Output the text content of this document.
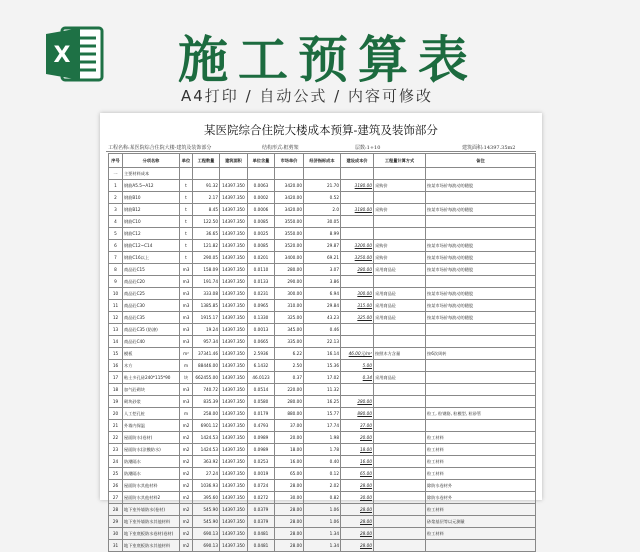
X 施工预算表
A4打印 / 自动公式 / 内容可修改
某医院综合住院大楼成本预算-建筑及装饰部分
工程名称:某医院综合住院大楼-建筑及装饰部分	结构形式:框剪架	层数:1+10	建筑面积:14397.35m2
序号	分项名称	单位	工程数量	建筑面积	单位含量	市场单价	经济指标成本	建设成本价	工程量计算方式	备注
一	主要材料成本									
1	钢筋A5.5~A12	t	91.32	14397.350	0.0063	3420.00	21.70	3180.00	采购价	按某市场价每波动的随股
2	钢筋B10	t	2.17	14397.350	0.0002	3420.00	0.52			
3	钢筋B12	t	8.45	14397.350	0.0006	3420.00	2.0	3180.00	采购价	按某市场价每波动的随股
4	钢筋C10	t	122.50	14397.350	0.0085	3550.00	30.05			
5	钢筋C12	t	36.65	14397.350	0.0025	3550.00	8.99			
6	钢筋C12~C14	t	121.82	14397.350	0.0085	3520.00	29.87	3200.00	采购价	按某市场价每波动的随股
7	钢筋C16以上	t	290.05	14397.350	0.0201	3400.00	69.21	3250.00	采购价	按某市场价每波动的随股
8	商品砼C15	m3	158.09	14397.350	0.0110	280.00	3.07	280.00	采用商品砼	按某市场价每波动的随股
9	商品砼C20	m3	191.74	14397.350	0.0133	290.00	3.86			
10	商品砼C25	m3	333.08	14397.350	0.0231	300.00	6.94	300.00	采用商品砼	按某市场价每波动的随股
11	商品砼C30	m3	1385.85	14397.350	0.0965	310.00	29.84	315.00	采用商品砼	按某市场价每波动的随股
12	商品砼C35	m3	1915.17	14397.350	0.1330	325.00	43.23	325.00	采用商品砼	按某市场价每波动的随股
13	商品砼C35 (防渗)	m3	19.24	14397.350	0.0013	345.00	0.46			
14	商品砼C40	m3	957.34	14397.350	0.0665	335.00	22.13			
15	模板	m²	37341.46	14397.350	2.5936	6.22	16.14	46.00元/m²	按照木方含量	按6次周转
16	木方	m	88446.00	14397.350	6.1432	2.50	15.36	5.00		
17	粘土多孔砖240*115*90	块	662455.00	14397.350	46.0123	0.37	17.02	0.34	采用商品砼	
18	加气砼砌块	m3	740.72	14397.350	0.0514	220.00	11.32			
19	砌块砂浆	m3	835.39	14397.350	0.0580	280.00	16.25	280.00		
20	人工挖孔桩	m	258.00	14397.350	0.0179	880.00	15.77	880.00		粒工, 粒钢筋, 粒模型, 粒砂管
21	外墙内保温	m2	6901.12	14397.350	0.4793	37.00	17.74	37.00		
22	屋面防水(卷材)	m2	1424.53	14397.350	0.0989	20.00	1.98	20.00		粒工材料
23	屋面防水(涂膜防水)	m2	1424.53	14397.350	0.0989	18.00	1.78	18.00		粒工材料
24	防潮隔水	m2	363.92	14397.350	0.0253	16.00	0.40	16.00		粒工材料
25	防潮隔水	m2	27.24	14397.350	0.0019	65.00	0.12	65.00		粒工材料
26	屋面防水其他材料	m2	1036.93	14397.350	0.0724	28.00	2.02	28.00		除防水卷材外
27	屋面防水其他材料2	m2	395.60	14397.350	0.0272	30.00	0.82	30.00		除防水卷材外
28	地下室外墙防水(卷材)	m2	545.90	14397.350	0.0379	28.00	1.06	28.00		粒工材料
29	地下室外墙防水其他材料	m2	545.90	14397.350	0.0379	28.00	1.06	28.00		砂浆基层等以元测量
30	地下室底板防水卷材(卷材)	m2	690.13	14397.350	0.0481	28.00	1.34	28.00		粒工材料
31	地下室底板防水其他材料	m2	690.13	14397.350	0.0481	28.00	1.34	28.00		
